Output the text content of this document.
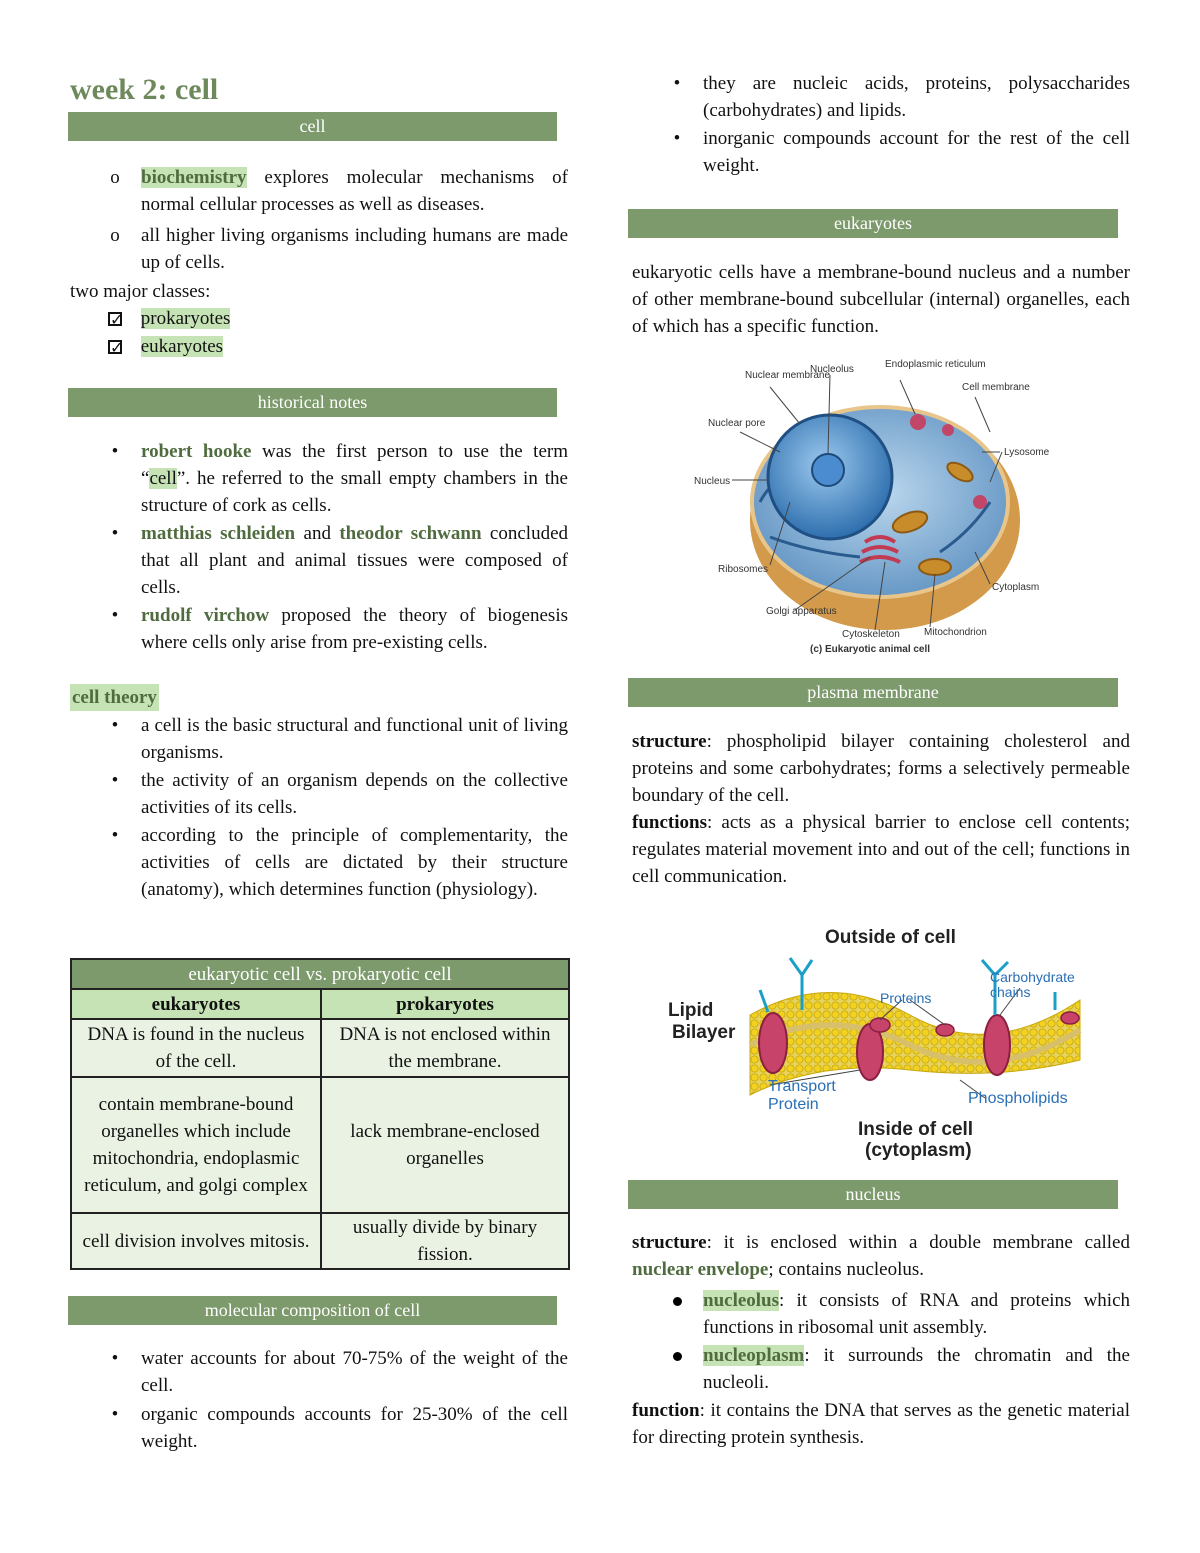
week 2: cell
cell
o biochemistry explores molecular mechanisms of normal cellular processes as well as diseases.

o all higher living organisms including humans are made up of cells.

two major classes:
✓ prokaryotes
✓ eukaryotes
historical notes
•	robert hooke was the first person to use the term “cell”. he referred to the small empty chambers in the structure of cork as cells.

•	matthias schleiden and theodor schwann concluded that all plant and animal tissues were composed of cells.

•	rudolf virchow proposed the theory of biogenesis where cells only arise from pre-existing cells.

cell theory
•	a cell is the basic structural and functional unit of living organisms.

•	the activity of an organism depends on the collective activities of its cells.

•	according to the principle of complementarity, the activities of cells are dictated by their structure (anatomy), which determines function (physiology).

eukaryotic cell vs. prokaryotic cell	
eukaryotes	prokaryotes
DNA is found in the nucleus of the cell.	DNA is not enclosed within the membrane.
contain membrane-bound organelles which include mitochondria, endoplasmic reticulum, and golgi complex	lack membrane-enclosed organelles
cell division involves mitosis.	usually divide by binary fission.
molecular composition of cell
•	water accounts for about 70-75% of the weight of the cell.

•	organic compounds accounts for 25-30% of the cell weight.

•	they are nucleic acids, proteins, polysaccharides (carbohydrates) and lipids.

•	inorganic compounds account for the rest of the cell weight.

eukaryotes
eukaryotic cells have a membrane-bound nucleus and a number of other membrane-bound subcellular (internal) organelles, each of which has a specific function.
Nuclear membrane
Nucleolus	Endoplasmic reticulum
Cell membrane
Nuclear pore
Lysosome
Nucleus
Ribosomes
Cytoplasm
Golgi apparatus
Cytoskeleton Mitochondrion
(c) Eukaryotic animal cell
plasma membrane
structure: phospholipid bilayer containing cholesterol and proteins and some carbohydrates; forms a selectively permeable boundary of the cell.
functions: acts as a physical barrier to enclose cell contents; regulates material movement into and out of the cell; functions in cell communication.
Outside of cell
Lipid
Bilayer
Proteins
Carbohydrate
chains
Transport
Protein	Phospholipids
Inside of cell
(cytoplasm)
nucleus
structure: it is enclosed within a double membrane called nuclear envelope; contains nucleolus.

nucleolus: it consists of RNA and proteins which functions in ribosomal unit assembly.

nucleoplasm: it surrounds the chromatin and the nucleoli.

function: it contains the DNA that serves as the genetic material for directing protein synthesis.
